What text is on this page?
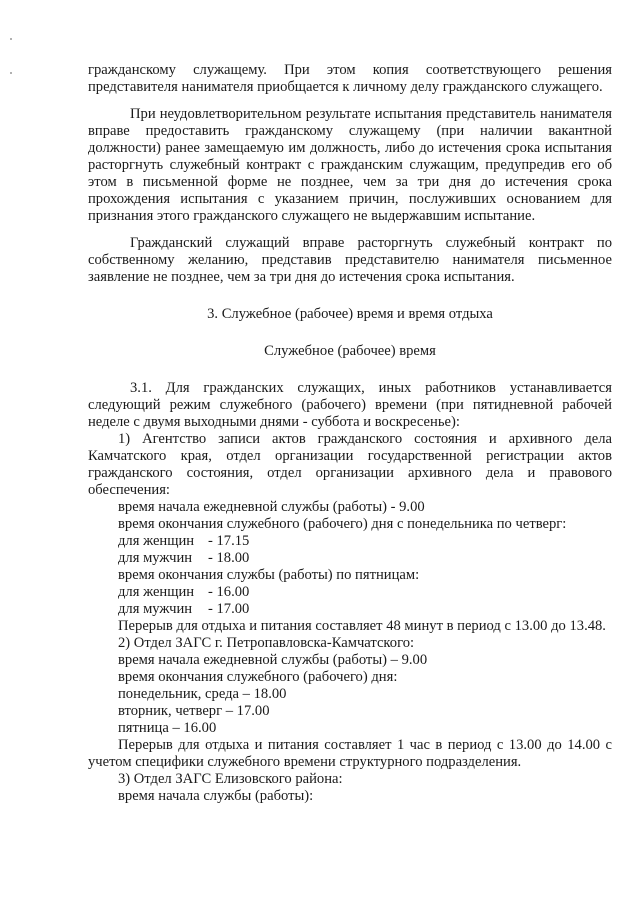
гражданскому служащему. При этом копия соответствующего решения представителя нанимателя приобщается к личному делу гражданского служащего.

При неудовлетворительном результате испытания представитель нанимателя вправе предоставить гражданскому служащему (при наличии вакантной должности) ранее замещаемую им должность, либо до истечения срока испытания расторгнуть служебный контракт с гражданским служащим, предупредив его об этом в письменной форме не позднее, чем за три дня до истечения срока прохождения испытания с указанием причин, послуживших основанием для признания этого гражданского служащего не выдержавшим испытание.

Гражданский служащий вправе расторгнуть служебный контракт по собственному желанию, представив представителю нанимателя письменное заявление не позднее, чем за три дня до истечения срока испытания.

3. Служебное (рабочее) время и время отдыха

Служебное (рабочее) время

3.1. Для гражданских служащих, иных работников устанавливается следующий режим служебного (рабочего) времени (при пятидневной рабочей неделе с двумя выходными днями - суббота и воскресенье):

1) Агентство записи актов гражданского состояния и архивного дела Камчатского края, отдел организации государственной регистрации актов гражданского состояния, отдел организации архивного дела и правового обеспечения:

время начала ежедневной службы (работы) - 9.00
время окончания служебного (рабочего) дня с понедельника по четверг:
для женщин - 17.15
для мужчин	- 18.00
время окончания службы (работы) по пятницам:
для женщин - 16.00
для мужчин	- 17.00

Перерыв для отдыха и питания составляет 48 минут в период с 13.00 до 13.48.

2) Отдел ЗАГС г. Петропавловска-Камчатского:

время начала ежедневной службы (работы) – 9.00
время окончания служебного (рабочего) дня:
понедельник, среда – 18.00
вторник, четверг – 17.00
пятница – 16.00

Перерыв для отдыха и питания составляет 1 час в период с 13.00 до 14.00 с учетом специфики служебного времени структурного подразделения.

3) Отдел ЗАГС Елизовского района:

время начала службы (работы):
